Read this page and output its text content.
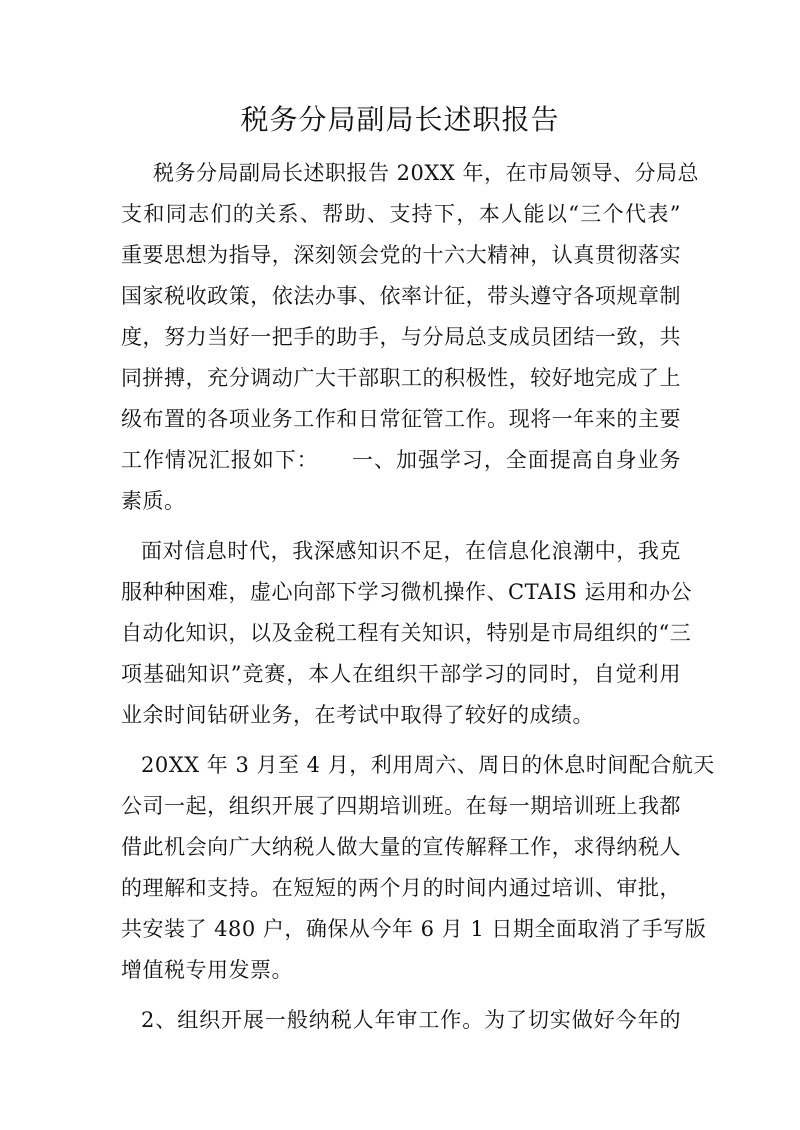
税务分局副局长述职报告
税务分局副局长述职报告 20XX 年，在市局领导、分局总
支和同志们的关系、帮助、支持下，本人能以“三个代表”
重要思想为指导，深刻领会党的十六大精神，认真贯彻落实
国家税收政策，依法办事、依率计征，带头遵守各项规章制
度，努力当好一把手的助手，与分局总支成员团结一致，共
同拼搏，充分调动广大干部职工的积极性，较好地完成了上
级布置的各项业务工作和日常征管工作。现将一年来的主要
工作情况汇报如下：　　一、加强学习，全面提高自身业务
素质。
面对信息时代，我深感知识不足，在信息化浪潮中，我克
服种种困难，虚心向部下学习微机操作、CTAIS 运用和办公
自动化知识，以及金税工程有关知识，特别是市局组织的“三
项基础知识”竞赛，本人在组织干部学习的同时，自觉利用
业余时间钻研业务，在考试中取得了较好的成绩。
20XX 年 3 月至 4 月，利用周六、周日的休息时间配合航天
公司一起，组织开展了四期培训班。在每一期培训班上我都
借此机会向广大纳税人做大量的宣传解释工作，求得纳税人
的理解和支持。在短短的两个月的时间内通过培训、审批，
共安装了 480 户，确保从今年 6 月 1 日期全面取消了手写版
增值税专用发票。
2、组织开展一般纳税人年审工作。为了切实做好今年的
